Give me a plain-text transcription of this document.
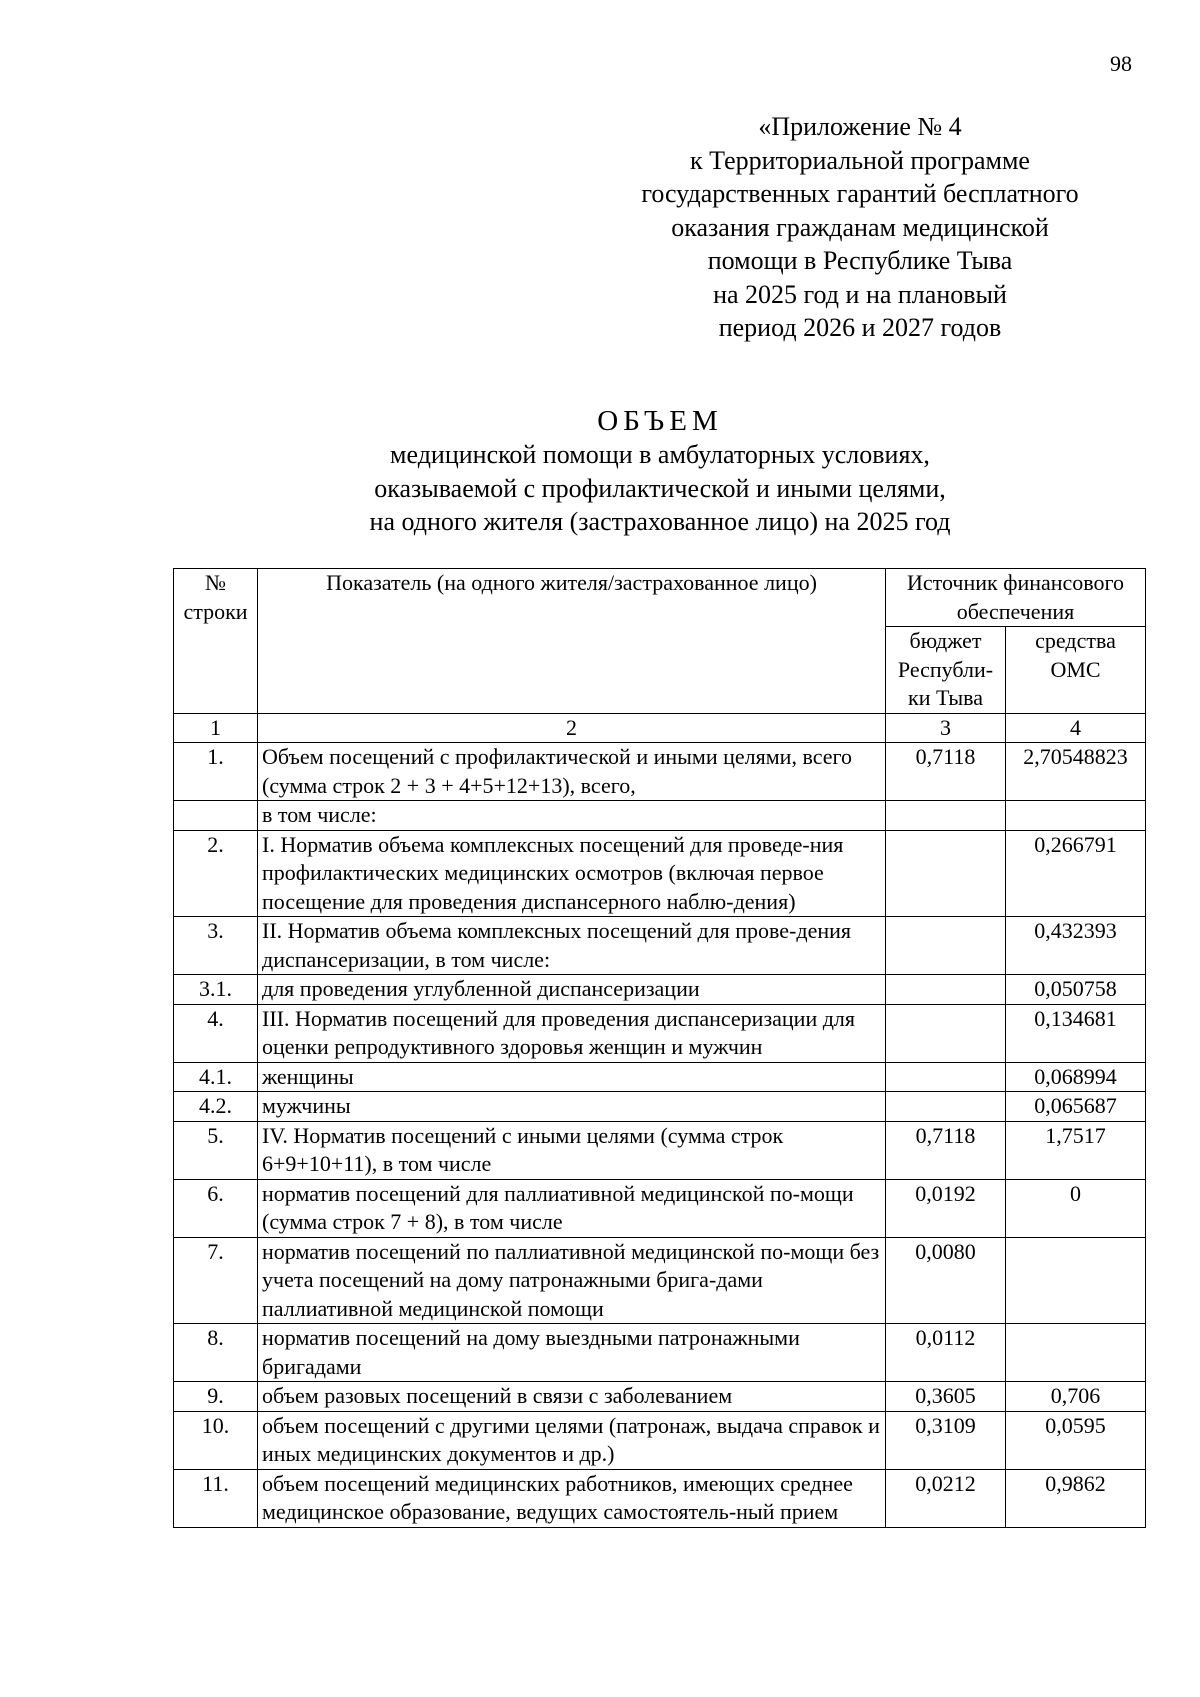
98
«Приложение № 4
к Территориальной программе
государственных гарантий бесплатного
оказания гражданам медицинской
помощи в Республике Тыва
на 2025 год и на плановый
период 2026 и 2027 годов
ОБЪЕМ
медицинской помощи в амбулаторных условиях,
оказываемой с профилактической и иными целями,
на одного жителя (застрахованное лицо) на 2025 год
№ строки	Показатель (на одного жителя/застрахованное лицо)	Источник финансового обеспечения	
		бюджет Республи-ки Тыва	средства ОМС
1	2	3	4
1.	Объем посещений с профилактической и иными целями, всего (сумма строк 2 + 3 + 4+5+12+13), всего,	0,7118	2,70548823
	в том числе:		
2.	I. Норматив объема комплексных посещений для проведе-ния профилактических медицинских осмотров (включая первое посещение для проведения диспансерного наблю-дения)		0,266791
3.	II. Норматив объема комплексных посещений для прове-дения диспансеризации, в том числе:		0,432393
3.1.	для проведения углубленной диспансеризации		0,050758
4.	III. Норматив посещений для проведения диспансеризации для оценки репродуктивного здоровья женщин и мужчин		0,134681
4.1.	женщины		0,068994
4.2.	мужчины		0,065687
5.	IV. Норматив посещений с иными целями (сумма строк 6+9+10+11), в том числе	0,7118	1,7517
6.	норматив посещений для паллиативной медицинской по-мощи (сумма строк 7 + 8), в том числе	0,0192	0
7.	норматив посещений по паллиативной медицинской по-мощи без учета посещений на дому патронажными брига-дами паллиативной медицинской помощи	0,0080	
8.	норматив посещений на дому выездными патронажными бригадами	0,0112	
9.	объем разовых посещений в связи с заболеванием	0,3605	0,706
10.	объем посещений с другими целями (патронаж, выдача справок и иных медицинских документов и др.)	0,3109	0,0595
11.	объем посещений медицинских работников, имеющих среднее медицинское образование, ведущих самостоятель-ный прием	0,0212	0,9862
